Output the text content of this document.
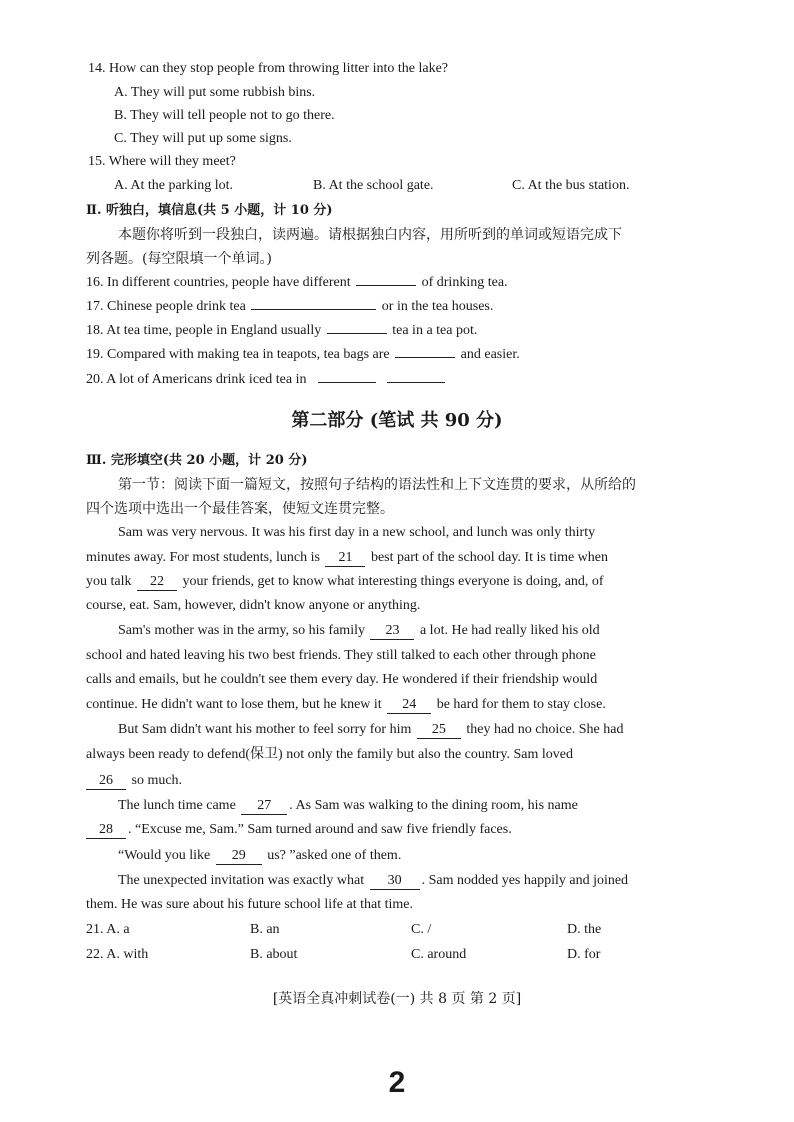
14. How can they stop people from throwing litter into the lake?
A. They will put some rubbish bins.
B. They will tell people not to go there.
C. They will put up some signs.
15. Where will they meet?
A. At the parking lot.	B. At the school gate.	C. At the bus station.
Ⅱ. 听独白，填信息(共 5 小题，计 10 分)
本题你将听到一段独白，读两遍。请根据独白内容，用所听到的单词或短语完成下
列各题。(每空限填一个单词。)
16. In different countries, people have different	of drinking tea.
17. Chinese people drink tea	or in the tea houses.
18. At tea time, people in England usually	tea in a tea pot.
19. Compared with making tea in teapots, tea bags are	and easier.
20. A lot of Americans drink iced tea in
第二部分 (笔试 共 90 分)
Ⅲ. 完形填空(共 20 小题，计 20 分)
第一节：阅读下面一篇短文，按照句子结构的语法性和上下文连贯的要求，从所给的
四个选项中选出一个最佳答案，使短文连贯完整。
Sam was very nervous. It was his first day in a new school, and lunch was only thirty
minutes away. For most students, lunch is 21 best part of the school day. It is time when
you talk 22 your friends, get to know what interesting things everyone is doing, and, of
course, eat. Sam, however, didn't know anyone or anything.
Sam's mother was in the army, so his family 23 a lot. He had really liked his old
school and hated leaving his two best friends. They still talked to each other through phone
calls and emails, but he couldn't see them every day. He wondered if their friendship would
continue. He didn't want to lose them, but he knew it 24 be hard for them to stay close.
But Sam didn't want his mother to feel sorry for him 25 they had no choice. She had
always been ready to defend(保卫) not only the family but also the country. Sam loved
26 so much.
The lunch time came 27 . As Sam was walking to the dining room, his name
28 . “Excuse me, Sam.” Sam turned around and saw five friendly faces.
“Would you like 29 us? ”asked one of them.
The unexpected invitation was exactly what 30 . Sam nodded yes happily and joined
them. He was sure about his future school life at that time.
21. A. a	B. an	C. /	D. the
22. A. with	B. about	C. around	D. for
[英语全真冲刺试卷(一) 共 8 页 第 2 页]
2
